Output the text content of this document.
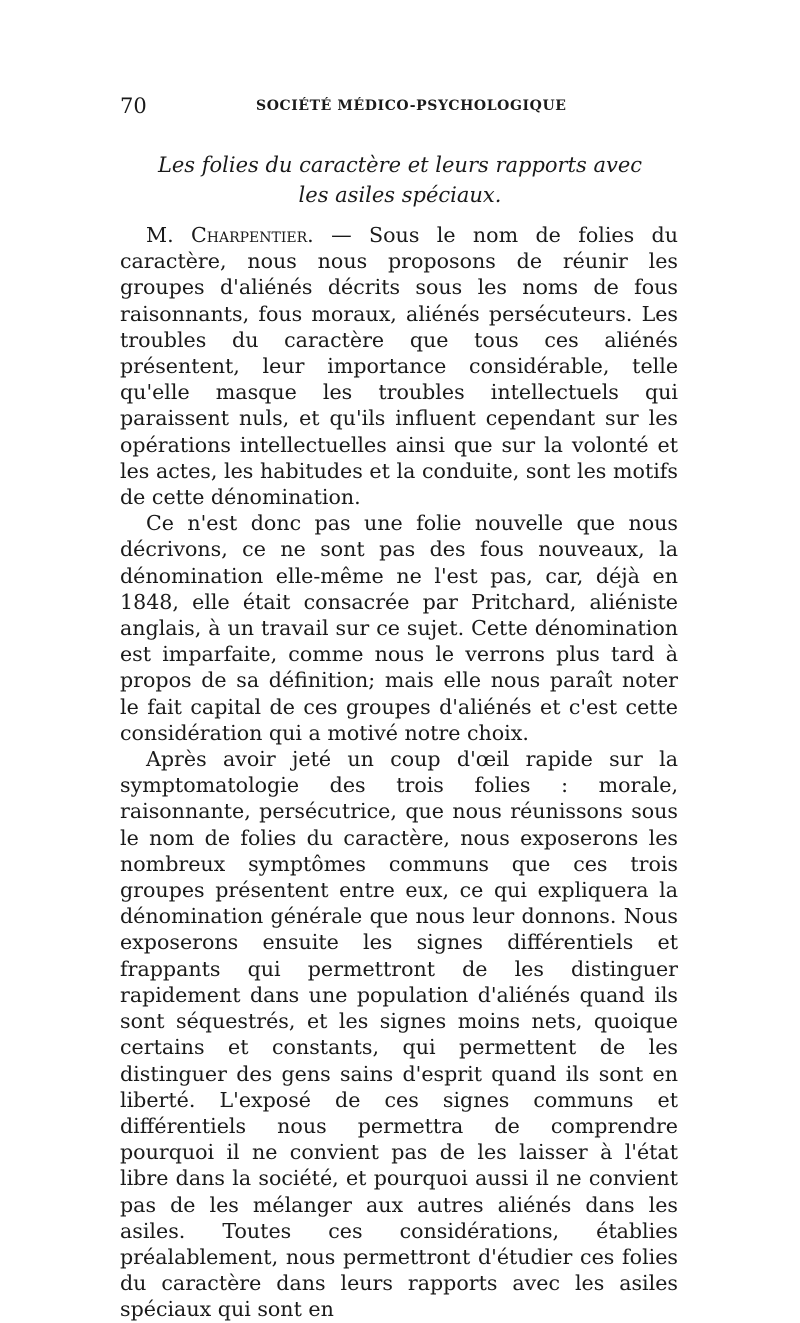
70	SOCIÉTÉ MÉDICO-PSYCHOLOGIQUE
Les folies du caractère et leurs rapports avec
les asiles spéciaux.

M. Charpentier. — Sous le nom de folies du caractère, nous nous proposons de réunir les groupes d'aliénés décrits sous les noms de fous raisonnants, fous moraux, aliénés persécuteurs. Les troubles du caractère que tous ces aliénés présentent, leur importance considérable, telle qu'elle masque les troubles intellectuels qui paraissent nuls, et qu'ils influent cependant sur les opérations intellectuelles ainsi que sur la volonté et les actes, les habitudes et la conduite, sont les motifs de cette dénomination.

Ce n'est donc pas une folie nouvelle que nous décrivons, ce ne sont pas des fous nouveaux, la dénomination elle-même ne l'est pas, car, déjà en 1848, elle était consacrée par Pritchard, aliéniste anglais, à un travail sur ce sujet. Cette dénomination est imparfaite, comme nous le verrons plus tard à propos de sa définition; mais elle nous paraît noter le fait capital de ces groupes d'aliénés et c'est cette considération qui a motivé notre choix.

Après avoir jeté un coup d'œil rapide sur la symptomatologie des trois folies : morale, raisonnante, persécutrice, que nous réunissons sous le nom de folies du caractère, nous exposerons les nombreux symptômes communs que ces trois groupes présentent entre eux, ce qui expliquera la dénomination générale que nous leur donnons. Nous exposerons ensuite les signes différentiels et frappants qui permettront de les distinguer rapidement dans une population d'aliénés quand ils sont séquestrés, et les signes moins nets, quoique certains et constants, qui permettent de les distinguer des gens sains d'esprit quand ils sont en liberté. L'exposé de ces signes communs et différentiels nous permettra de comprendre pourquoi il ne convient pas de les laisser à l'état libre dans la société, et pourquoi aussi il ne convient pas de les mélanger aux autres aliénés dans les asiles. Toutes ces considérations, établies préalablement, nous permettront d'étudier ces folies du caractère dans leurs rapports avec les asiles spéciaux qui sont en
